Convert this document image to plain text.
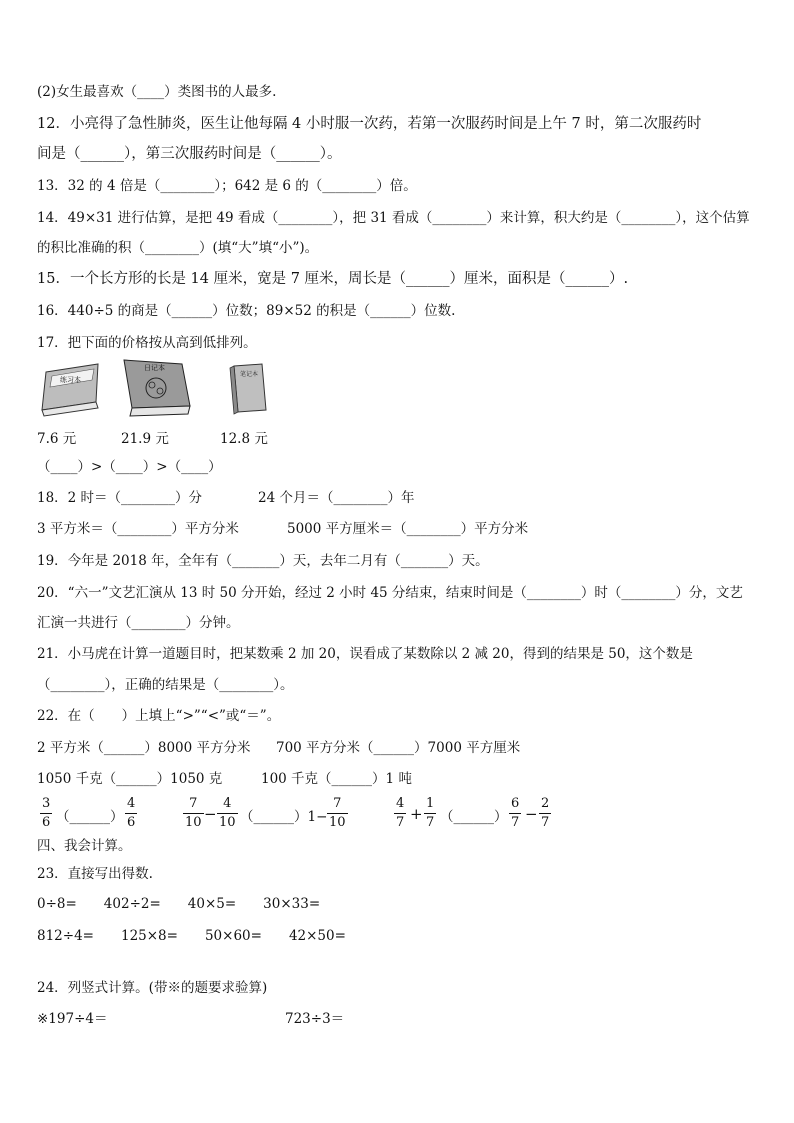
(2)女生最喜欢（____）类图书的人最多.
12．小亮得了急性肺炎，医生让他每隔 4 小时服一次药，若第一次服药时间是上午 7 时，第二次服药时
间是（______），第三次服药时间是（______）。
13．32 的 4 倍是（________）；642 是 6 的（________）倍。
14．49×31 进行估算，是把 49 看成（________），把 31 看成（________）来计算，积大约是（________），这个估算
的积比准确的积（________）(填“大”填“小”)。
15．一个长方形的长是 14 厘米，宽是 7 厘米，周长是（______）厘米，面积是（______）.
16．440÷5 的商是（______）位数；89×52 的积是（______）位数.
17．把下面的价格按从高到低排列。
练习本
日记本
笔记本
7.6 元	21.9 元	12.8 元
（____）>（____）>（____）
18．2 时＝（________）分	24 个月＝（________）年
3 平方米＝（________）平方分米	5000 平方厘米＝（________）平方分米
19．今年是 2018 年，全年有（_______）天，去年二月有（_______）天。
20．“六一”文艺汇演从 13 时 50 分开始，经过 2 小时 45 分结束，结束时间是（________）时（________）分，文艺
汇演一共进行（________）分钟。
21．小马虎在计算一道题目时，把某数乘 2 加 20，误看成了某数除以 2 减 20，得到的结果是 50，这个数是
（________），正确的结果是（________）。
22．在（　　）上填上“>”“<”或“＝”。
2 平方米（______）8000 平方分米 700 平方分米（______）7000 平方厘米
1050 千克（______）1050 克	100 千克（______）1 吨
3
6 （______）
4
6
7
10 −
4
10 （______）1−
7
10
4
7 +
1
7 （______）
6
7 −
2
7
四、我会计算。
23．直接写出得数.
0÷8=　　402÷2=　　40×5=　　30×33=
812÷4=　　125×8=　　50×60=　　42×50=
24．列竖式计算。(带※的题要求验算)
※197÷4＝	723÷3＝
